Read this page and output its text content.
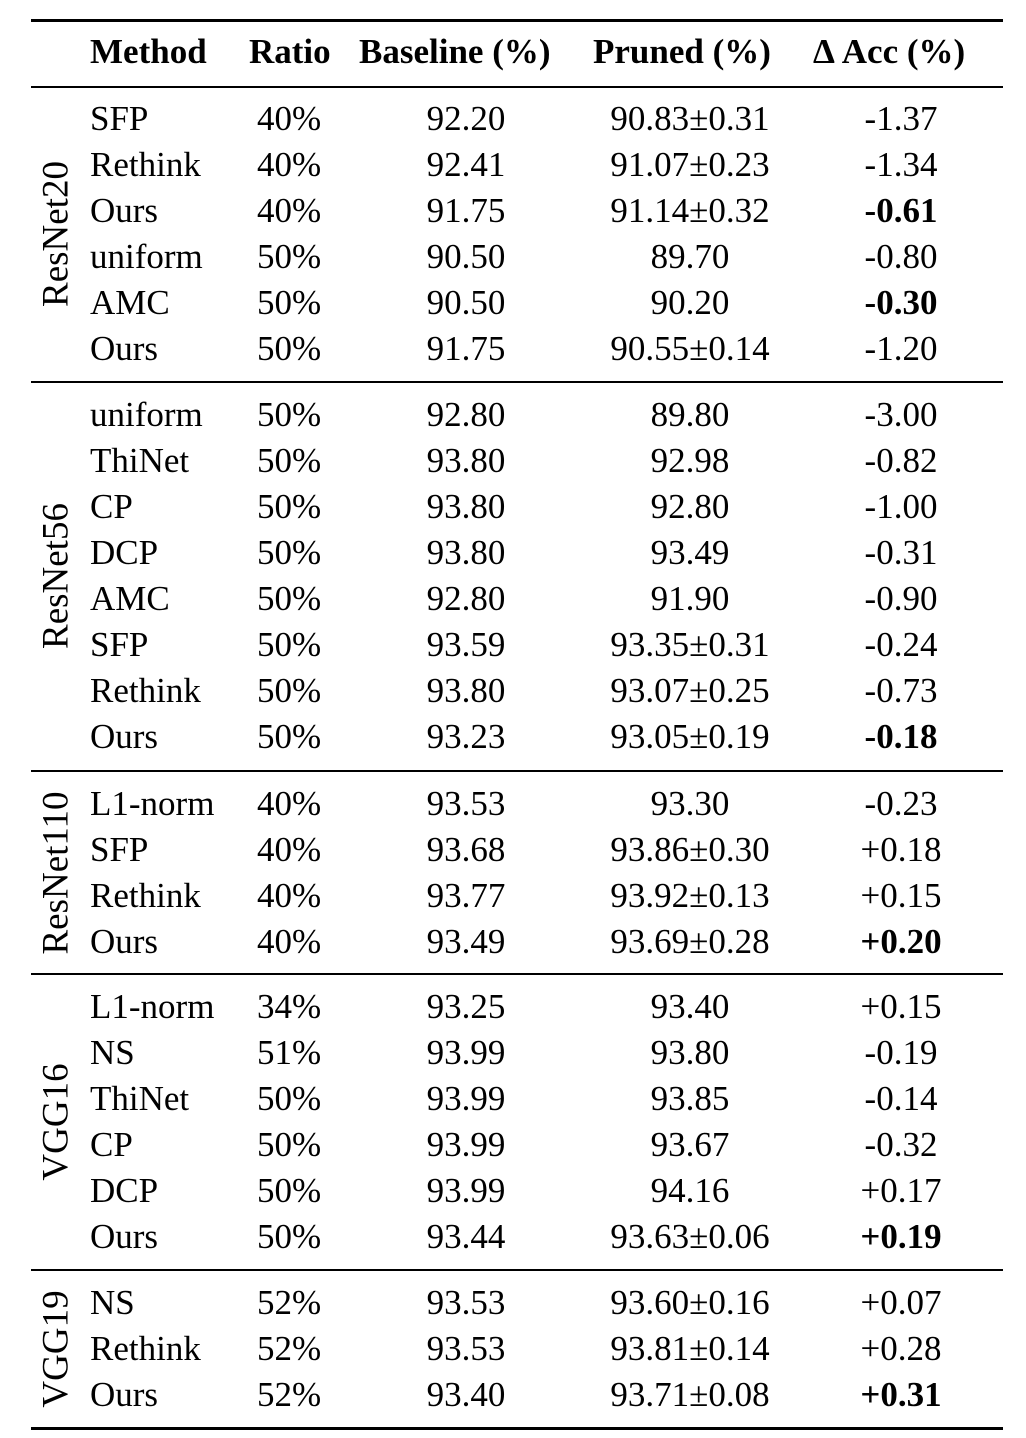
Method Ratio Baseline (%) Pruned (%) Δ Acc (%)
ResNet20
SFP	40%	92.20	90.83±0.31	-1.37
Rethink 40%	92.41	91.07±0.23	-1.34
Ours	40%	91.75	91.14±0.32	-0.61
uniform 50%	90.50	89.70	-0.80
AMC 50%	90.50	90.20	-0.30
Ours	50%	91.75	90.55±0.14	-1.20
ResNet56
uniform 50%	92.80	89.80	-3.00
ThiNet 50%	93.80	92.98	-0.82
CP	50%	93.80	92.80	-1.00
DCP	50%	93.80	93.49	-0.31
AMC 50%	92.80	91.90	-0.90
SFP	50%	93.59	93.35±0.31	-0.24
Rethink 50%	93.80	93.07±0.25	-0.73
Ours	50%	93.23	93.05±0.19	-0.18
ResNet110 L1-norm 40%	93.53	93.30	-0.23
SFP	40%	93.68	93.86±0.30	+0.18
Rethink 40%	93.77	93.92±0.13	+0.15
Ours	40%	93.49	93.69±0.28	+0.20
VGG16
L1-norm 34%	93.25	93.40	+0.15
NS	51%	93.99	93.80	-0.19
ThiNet 50%	93.99	93.85	-0.14
CP	50%	93.99	93.67	-0.32
DCP	50%	93.99	94.16	+0.17
Ours	50%	93.44	93.63±0.06	+0.19
VGG19 NS	52%	93.53	93.60±0.16	+0.07
Rethink 52%	93.53	93.81±0.14	+0.28
Ours	52%	93.40	93.71±0.08	+0.31
